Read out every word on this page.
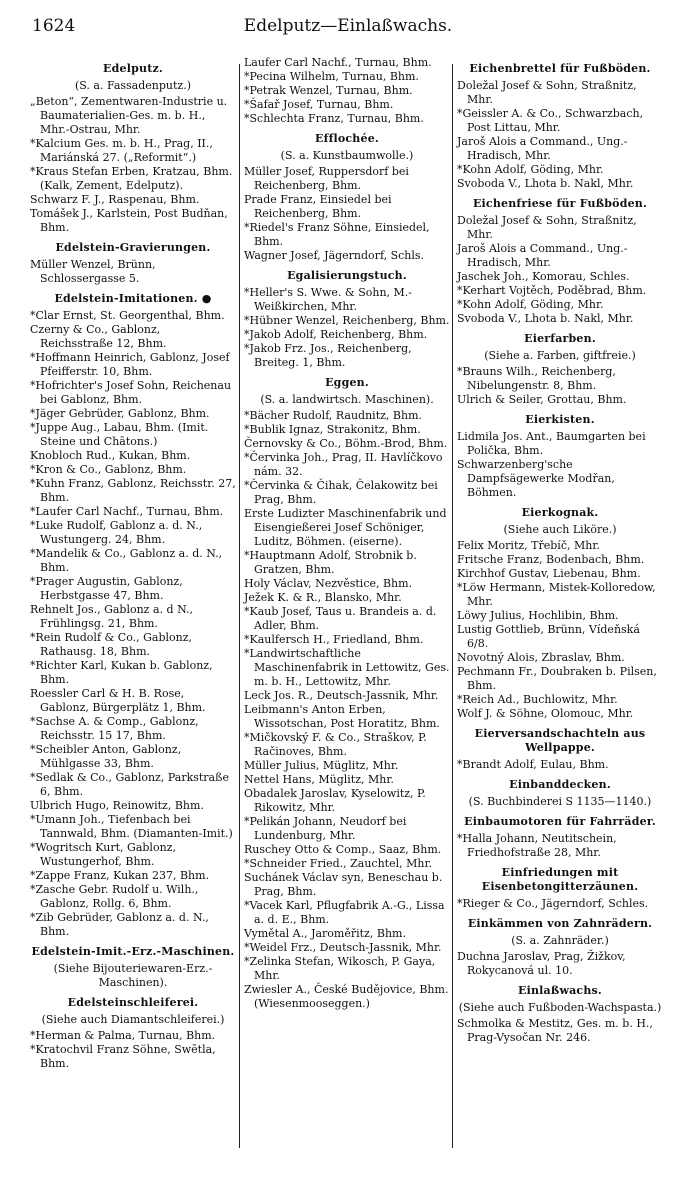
1624	Edelputz—Einlaßwachs.
Edelputz.
(S. a. Fassadenputz.)
„Beton“, Zementwaren-Industrie u. Baumaterialien-Ges. m. b. H., Mhr.-Ostrau, Mhr.
*Kalcium Ges. m. b. H., Prag, II., Mariánská 27. („Reformit“.)
*Kraus Stefan Erben, Kratzau, Bhm. (Kalk, Zement, Edelputz).
Schwarz F. J., Raspenau, Bhm.
Tomášek J., Karlstein, Post Budňan, Bhm.
Edelstein-Gravierungen.
Müller Wenzel, Brünn, Schlossergasse 5.
Edelstein-Imitationen. ●
*Clar Ernst, St. Georgenthal, Bhm.
Czerny & Co., Gablonz, Reichsstraße 12, Bhm.
*Hoffmann Heinrich, Gablonz, Josef Pfeifferstr. 10, Bhm.
*Hofrichter's Josef Sohn, Reichenau bei Gablonz, Bhm.
*Jäger Gebrüder, Gablonz, Bhm.
*Juppe Aug., Labau, Bhm. (Imit. Steine und Chātons.)
Knobloch Rud., Kukan, Bhm.
*Kron & Co., Gablonz, Bhm.
*Kuhn Franz, Gablonz, Reichsstr. 27, Bhm.
*Laufer Carl Nachf., Turnau, Bhm.
*Luke Rudolf, Gablonz a. d. N., Wustungerg. 24, Bhm.
*Mandelik & Co., Gablonz a. d. N., Bhm.
*Prager Augustin, Gablonz, Herbstgasse 47, Bhm.
Rehnelt Jos., Gablonz a. d N., Frühlingsg. 21, Bhm.
*Rein Rudolf & Co., Gablonz, Rathausg. 18, Bhm.
*Richter Karl, Kukan b. Gablonz, Bhm.
Roessler Carl & H. B. Rose, Gablonz, Bürgerplätz 1, Bhm.
*Sachse A. & Comp., Gablonz, Reichsstr. 15 17, Bhm.
*Scheibler Anton, Gablonz, Mühlgasse 33, Bhm.
*Sedlak & Co., Gablonz, Parkstraße 6, Bhm.
Ulbrich Hugo, Reinowitz, Bhm.
*Umann Joh., Tiefenbach bei Tannwald, Bhm. (Diamanten-Imit.)
*Wogritsch Kurt, Gablonz, Wustungerhof, Bhm.
*Zappe Franz, Kukan 237, Bhm.
*Zasche Gebr. Rudolf u. Wilh., Gablonz, Rollg. 6, Bhm.
*Zib Gebrüder, Gablonz a. d. N., Bhm.
Edelstein-Imit.-Erz.-Maschinen.
(Siehe Bijouteriewaren-Erz.-Maschinen).
Edelsteinschleiferei.
(Siehe auch Diamantschleiferei.)
*Herman & Palma, Turnau, Bhm.
*Kratochvil Franz Söhne, Swētla, Bhm.
Laufer Carl Nachf., Turnau, Bhm.
*Pecina Wilhelm, Turnau, Bhm.
*Petrak Wenzel, Turnau, Bhm.
*Šafař Josef, Turnau, Bhm.
*Schlechta Franz, Turnau, Bhm.
Efflochée.
(S. a. Kunstbaumwolle.)
Müller Josef, Ruppersdorf bei Reichenberg, Bhm.
Prade Franz, Einsiedel bei Reichenberg, Bhm.
*Riedel's Franz Söhne, Einsiedel, Bhm.
Wagner Josef, Jägerndorf, Schls.
Egalisierungstuch.
*Heller's S. Wwe. & Sohn, M.-Weißkirchen, Mhr.
*Hübner Wenzel, Reichenberg, Bhm.
*Jakob Adolf, Reichenberg, Bhm.
*Jakob Frz. Jos., Reichenberg, Breiteg. 1, Bhm.
Eggen.
(S. a. landwirtsch. Maschinen).
*Bächer Rudolf, Raudnitz, Bhm.
*Bublik Ignaz, Strakonitz, Bhm.
Černovsky & Co., Böhm.-Brod, Bhm.
*Červinka Joh., Prag, II. Havlíčkovo nám. 32.
*Červinka & Čihak, Čelakowitz bei Prag, Bhm.
Erste Ludizter Maschinenfabrik und Eisengießerei Josef Schöniger, Luditz, Böhmen. (eiserne).
*Hauptmann Adolf, Strobnik b. Gratzen, Bhm.
Holy Václav, Nezvěstice, Bhm.
Ježek K. & R., Blansko, Mhr.
*Kaub Josef, Taus u. Brandeis a. d. Adler, Bhm.
*Kaulfersch H., Friedland, Bhm.
*Landwirtschaftliche Maschinenfabrik in Lettowitz, Ges. m. b. H., Lettowitz, Mhr.
Leck Jos. R., Deutsch-Jassnik, Mhr.
Leibmann's Anton Erben, Wissotschan, Post Horatitz, Bhm.
*Mičkovský F. & Co., Straškov, P. Račinoves, Bhm.
Müller Julius, Müglitz, Mhr.
Nettel Hans, Müglitz, Mhr.
Obadalek Jaroslav, Kyselowitz, P. Rikowitz, Mhr.
*Pelikán Johann, Neudorf bei Lundenburg, Mhr.
Ruschey Otto & Comp., Saaz, Bhm.
*Schneider Fried., Zauchtel, Mhr.
Suchánek Václav syn, Beneschau b. Prag, Bhm.
*Vacek Karl, Pflugfabrik A.-G., Lissa a. d. E., Bhm.
Vymětal A., Jaroměřitz, Bhm.
*Weidel Frz., Deutsch-Jassnik, Mhr.
*Zelinka Stefan, Wikosch, P. Gaya, Mhr.
Zwiesler A., České Budějovice, Bhm. (Wiesenmooseggen.)
Eichenbrettel für Fußböden.
Doležal Josef & Sohn, Straßnitz, Mhr.
*Geissler A. & Co., Schwarzbach, Post Littau, Mhr.
Jaroš Alois a Command., Ung.-Hradisch, Mhr.
*Kohn Adolf, Göding, Mhr.
Svoboda V., Lhota b. Nakl, Mhr.
Eichenfriese für Fußböden.
Doležal Josef & Sohn, Straßnitz, Mhr.
Jaroš Alois a Command., Ung.-Hradisch, Mhr.
Jaschek Joh., Komorau, Schles.
*Kerhart Vojtěch, Poděbrad, Bhm.
*Kohn Adolf, Göding, Mhr.
Svoboda V., Lhota b. Nakl, Mhr.
Eierfarben.
(Siehe a. Farben, giftfreie.)
*Brauns Wilh., Reichenberg, Nibelungenstr. 8, Bhm.
Ulrich & Seiler, Grottau, Bhm.
Eierkisten.
Lidmila Jos. Ant., Baumgarten bei Polička, Bhm.
Schwarzenberg'sche Dampfsägewerke Modřan, Böhmen.
Eierkognak.
(Siehe auch Liköre.)
Felix Moritz, Třebíč, Mhr.
Fritsche Franz, Bodenbach, Bhm.
Kirchhof Gustav, Liebenau, Bhm.
*Löw Hermann, Mistek-Kolloredow, Mhr.
Löwy Julius, Hochlibin, Bhm.
Lustig Gottlieb, Brünn, Vídeňská 6/8.
Novotný Alois, Zbraslav, Bhm.
Pechmann Fr., Doubraken b. Pilsen, Bhm.
*Reich Ad., Buchlowitz, Mhr.
Wolf J. & Söhne, Olomouc, Mhr.
Eierversandschachteln aus Wellpappe.
*Brandt Adolf, Eulau, Bhm.
Einbanddecken.
(S. Buchbinderei S 1135—1140.)
Einbaumotoren für Fahrräder.
*Halla Johann, Neutitschein, Friedhofstraße 28, Mhr.
Einfriedungen mit Eisenbetongitterzäunen.
*Rieger & Co., Jägerndorf, Schles.
Einkämmen von Zahnrädern.
(S. a. Zahnräder.)
Duchna Jaroslav, Prag, Žižkov, Rokycanová ul. 10.
Einlaßwachs.
(Siehe auch Fußboden-Wachspasta.)
Schmolka & Mestitz, Ges. m. b. H., Prag-Vysočan Nr. 246.
